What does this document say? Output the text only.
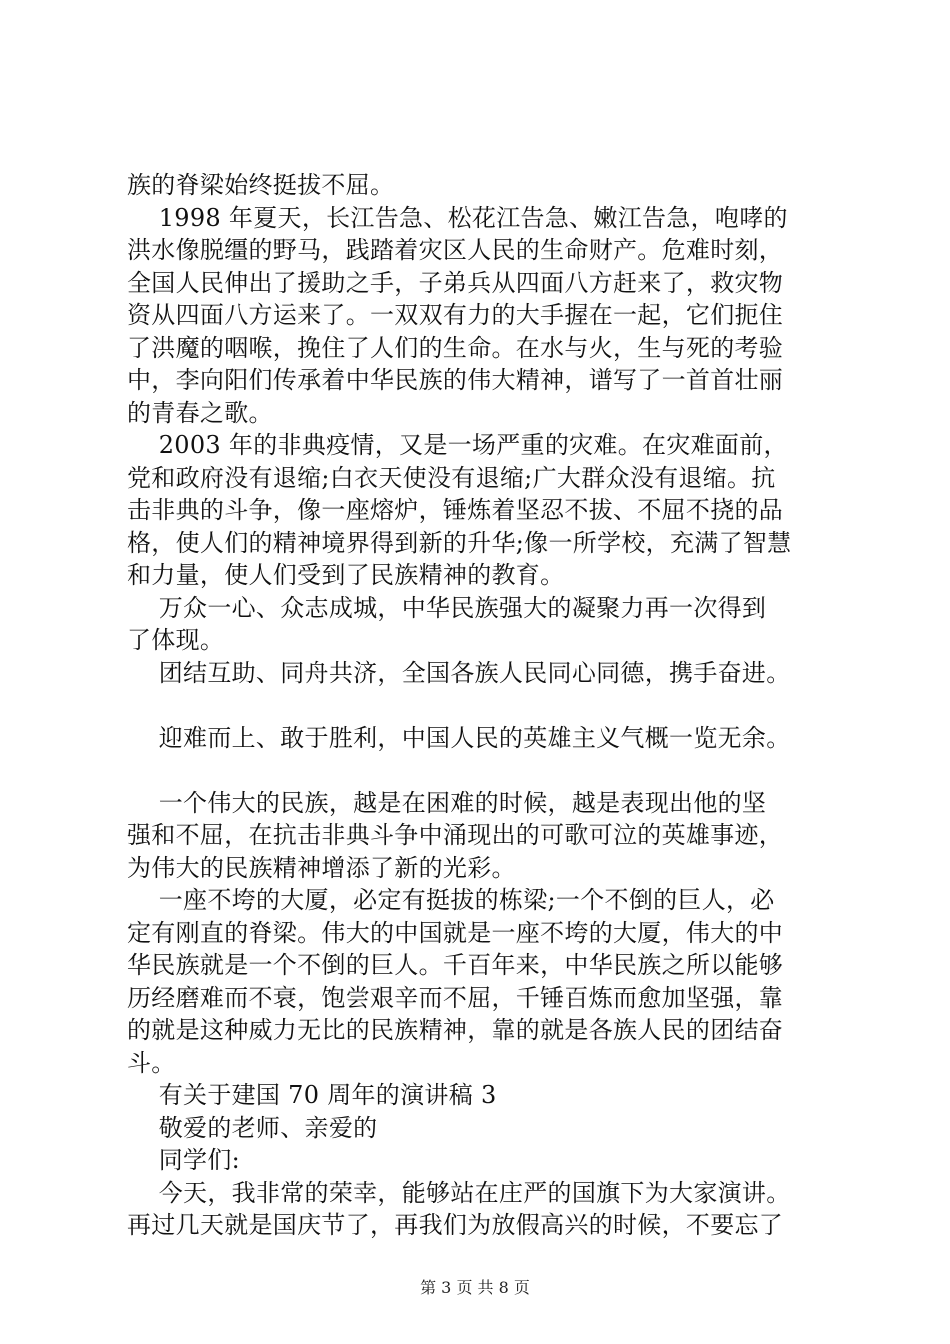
族的脊梁始终挺拔不屈。
1998 年夏天，长江告急、松花江告急、嫩江告急，咆哮的
洪水像脱缰的野马，践踏着灾区人民的生命财产。危难时刻，
全国人民伸出了援助之手，子弟兵从四面八方赶来了，救灾物
资从四面八方运来了。一双双有力的大手握在一起，它们扼住
了洪魔的咽喉，挽住了人们的生命。在水与火，生与死的考验
中，李向阳们传承着中华民族的伟大精神，谱写了一首首壮丽
的青春之歌。
2003 年的非典疫情，又是一场严重的灾难。在灾难面前，
党和政府没有退缩;白衣天使没有退缩;广大群众没有退缩。抗
击非典的斗争，像一座熔炉，锤炼着坚忍不拔、不屈不挠的品
格，使人们的精神境界得到新的升华;像一所学校，充满了智慧
和力量，使人们受到了民族精神的教育。
万众一心、众志成城，中华民族强大的凝聚力再一次得到
了体现。
团结互助、同舟共济，全国各族人民同心同德，携手奋进。
迎难而上、敢于胜利，中国人民的英雄主义气概一览无余。
一个伟大的民族，越是在困难的时候，越是表现出他的坚
强和不屈，在抗击非典斗争中涌现出的可歌可泣的英雄事迹，
为伟大的民族精神增添了新的光彩。
一座不垮的大厦，必定有挺拔的栋梁;一个不倒的巨人，必
定有刚直的脊梁。伟大的中国就是一座不垮的大厦，伟大的中
华民族就是一个不倒的巨人。千百年来，中华民族之所以能够
历经磨难而不衰，饱尝艰辛而不屈，千锤百炼而愈加坚强，靠
的就是这种威力无比的民族精神，靠的就是各族人民的团结奋
斗。
有关于建国 70 周年的演讲稿 3
敬爱的老师、亲爱的
同学们:
今天，我非常的荣幸，能够站在庄严的国旗下为大家演讲。
再过几天就是国庆节了，再我们为放假高兴的时候，不要忘了
第 3 页 共 8 页
